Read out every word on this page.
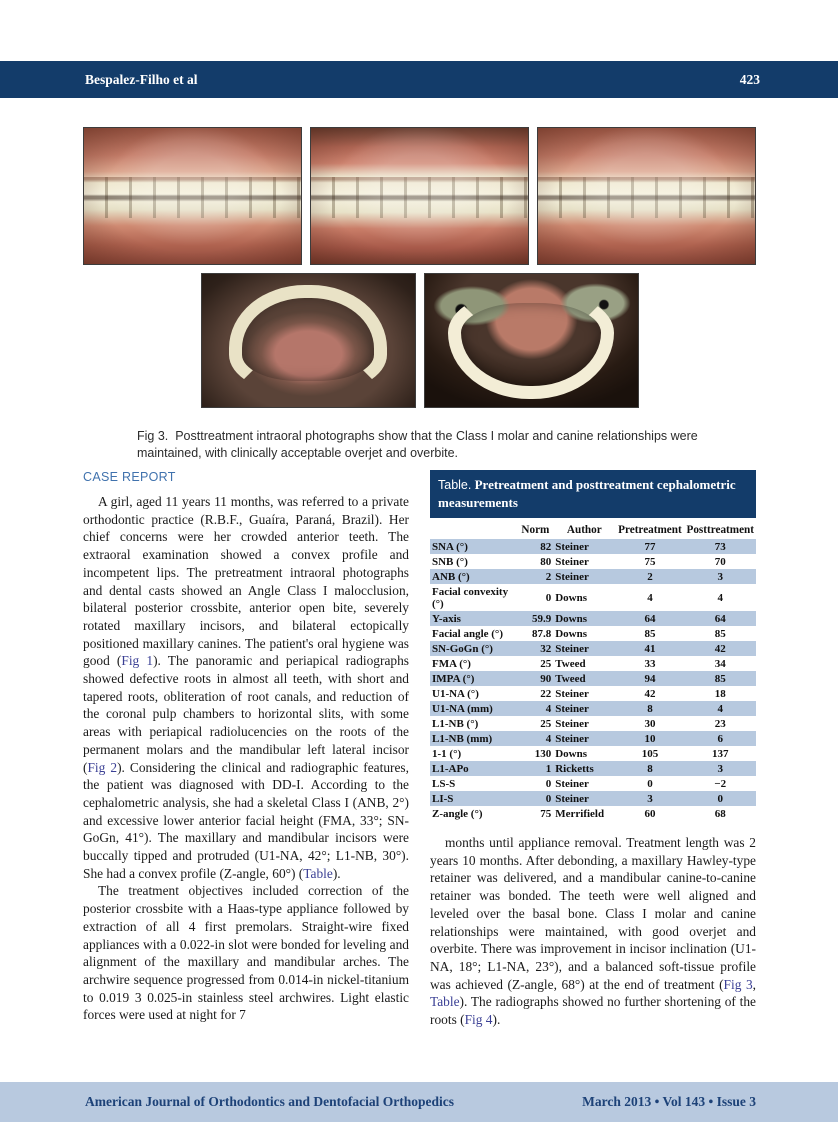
Bespalez-Filho et al	423
Fig 3. Posttreatment intraoral photographs show that the Class I molar and canine relationships were maintained, with clinically acceptable overjet and overbite.
CASE REPORT

A girl, aged 11 years 11 months, was referred to a private orthodontic practice (R.B.F., Guaíra, Paraná, Brazil). Her chief concerns were her crowded anterior teeth. The extraoral examination showed a convex profile and incompetent lips. The pretreatment intraoral photographs and dental casts showed an Angle Class I malocclusion, bilateral posterior crossbite, anterior open bite, severely rotated maxillary incisors, and bilateral ectopically positioned maxillary canines. The patient's oral hygiene was good (Fig 1). The panoramic and periapical radiographs showed defective roots in almost all teeth, with short and tapered roots, obliteration of root canals, and reduction of the coronal pulp chambers to horizontal slits, with some areas with periapical radiolucencies on the roots of the permanent molars and the mandibular left lateral incisor (Fig 2). Considering the clinical and radiographic features, the patient was diagnosed with DD-I. According to the cephalometric analysis, she had a skeletal Class I (ANB, 2°) and excessive lower anterior facial height (FMA, 33°; SN-GoGn, 41°). The maxillary and mandibular incisors were buccally tipped and protruded (U1-NA, 42°; L1-NB, 30°). She had a convex profile (Z-angle, 60°) (Table).

The treatment objectives included correction of the posterior crossbite with a Haas-type appliance followed by extraction of all 4 first premolars. Straight-wire fixed appliances with a 0.022-in slot were bonded for leveling and alignment of the maxillary and mandibular arches. The archwire sequence progressed from 0.014-in nickel-titanium to 0.019 3 0.025-in stainless steel archwires. Light elastic forces were used at night for 7

Table. Pretreatment and posttreatment cephalometric measurements
	Norm	Author	Pretreatment	Posttreatment
SNA (°)	82	Steiner	77	73
SNB (°)	80	Steiner	75	70
ANB (°)	2	Steiner	2	3
Facial convexity (°)	0	Downs	4	4
Y-axis	59.9	Downs	64	64
Facial angle (°)	87.8	Downs	85	85
SN-GoGn (°)	32	Steiner	41	42
FMA (°)	25	Tweed	33	34
IMPA (°)	90	Tweed	94	85
U1-NA (°)	22	Steiner	42	18
U1-NA (mm)	4	Steiner	8	4
L1-NB (°)	25	Steiner	30	23
L1-NB (mm)	4	Steiner	10	6
1-1 (°)	130	Downs	105	137
L1-APo	1	Ricketts	8	3
LS-S	0	Steiner	0	−2
LI-S	0	Steiner	3	0
Z-angle (°)	75	Merrifield	60	68

months until appliance removal. Treatment length was 2 years 10 months. After debonding, a maxillary Hawley-type retainer was delivered, and a mandibular canine-to-canine retainer was bonded. The teeth were well aligned and leveled over the basal bone. Class I molar and canine relationships were maintained, with good overjet and overbite. There was improvement in incisor inclination (U1-NA, 18°; L1-NA, 23°), and a balanced soft-tissue profile was achieved (Z-angle, 68°) at the end of treatment (Fig 3, Table). The radiographs showed no further shortening of the roots (Fig 4).

American Journal of Orthodontics and Dentofacial Orthopedics	March 2013 • Vol 143 • Issue 3
